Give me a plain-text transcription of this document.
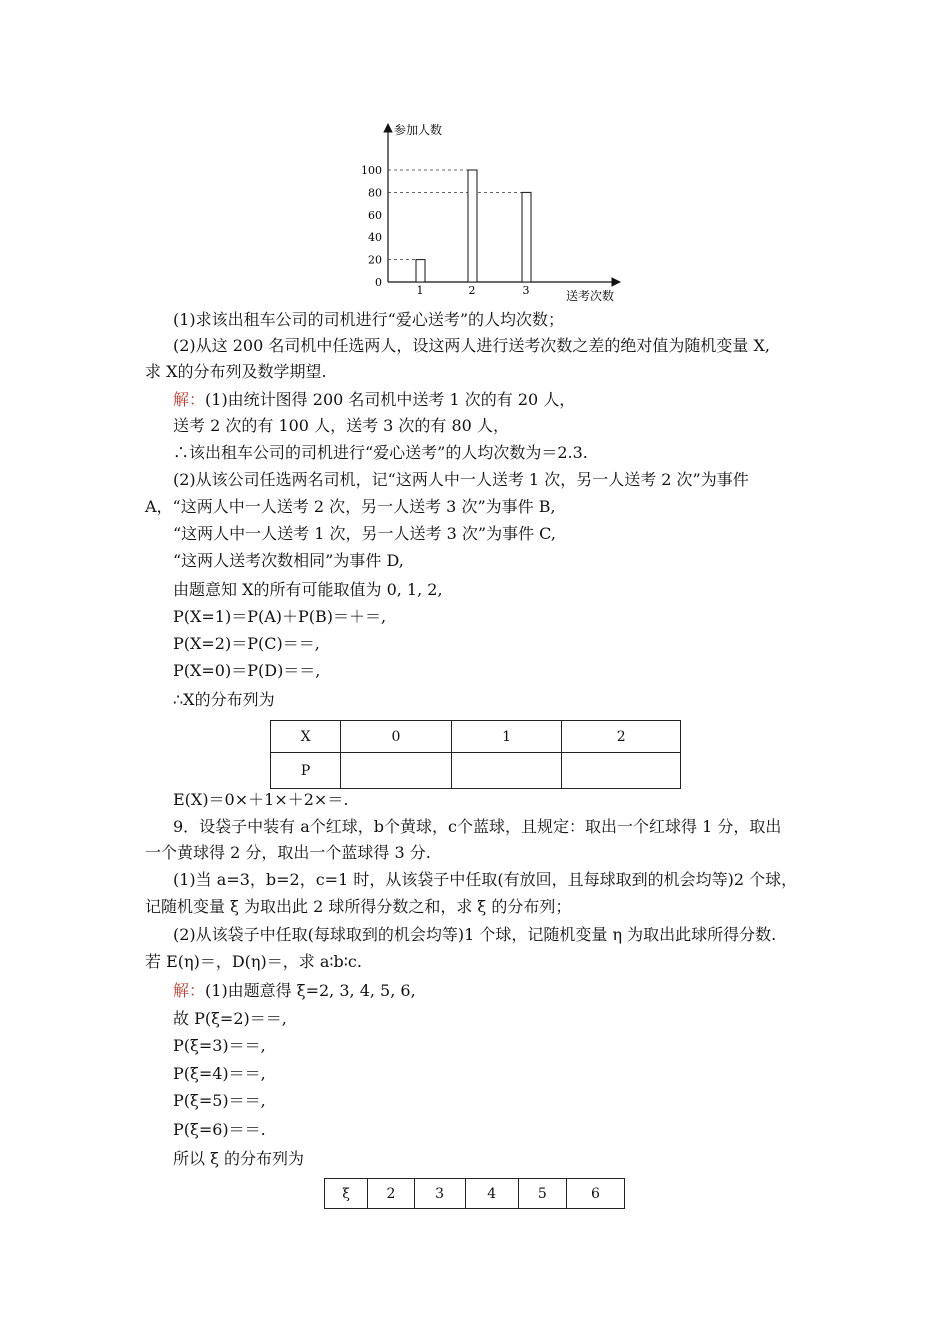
参加人数
送考次数
0
20
40
60
80
100
1	2	3
(1)求该出租车公司的司机进行“爱心送考”的人均次数；
(2)从这 200 名司机中任选两人，设这两人进行送考次数之差的绝对值为随机变量 X,
求 X的分布列及数学期望.
解：(1)由统计图得 200 名司机中送考 1 次的有 20 人，
送考 2 次的有 100 人，送考 3 次的有 80 人，
∴该出租车公司的司机进行“爱心送考”的人均次数为＝2.3.
(2)从该公司任选两名司机，记“这两人中一人送考 1 次，另一人送考 2 次”为事件
A，“这两人中一人送考 2 次，另一人送考 3 次”为事件 B,
“这两人中一人送考 1 次，另一人送考 3 次”为事件 C,
“这两人送考次数相同”为事件 D,
由题意知 X的所有可能取值为 0, 1, 2,
P(X=1)＝P(A)＋P(B)＝＋＝,
P(X=2)＝P(C)＝＝,
P(X=0)＝P(D)＝＝,
∴X的分布列为
E(X)＝0×＋1×＋2×＝.
9．设袋子中装有 a个红球，b个黄球，c个蓝球，且规定：取出一个红球得 1 分，取出
一个黄球得 2 分，取出一个蓝球得 3 分.
(1)当 a=3，b=2，c=1 时，从该袋子中任取(有放回，且每球取到的机会均等)2 个球，
记随机变量 ξ 为取出此 2 球所得分数之和，求 ξ 的分布列；
(2)从该袋子中任取(每球取到的机会均等)1 个球，记随机变量 η 为取出此球所得分数.
若 E(η)＝，D(η)＝，求 a∶b∶c.
解：(1)由题意得 ξ=2, 3, 4, 5, 6,
故 P(ξ=2)＝＝,
P(ξ=3)＝＝,
P(ξ=4)＝＝,
P(ξ=5)＝＝,
P(ξ=6)＝＝.
所以 ξ 的分布列为
X	0	1	2
P			
ξ	2	3	4	5	6
